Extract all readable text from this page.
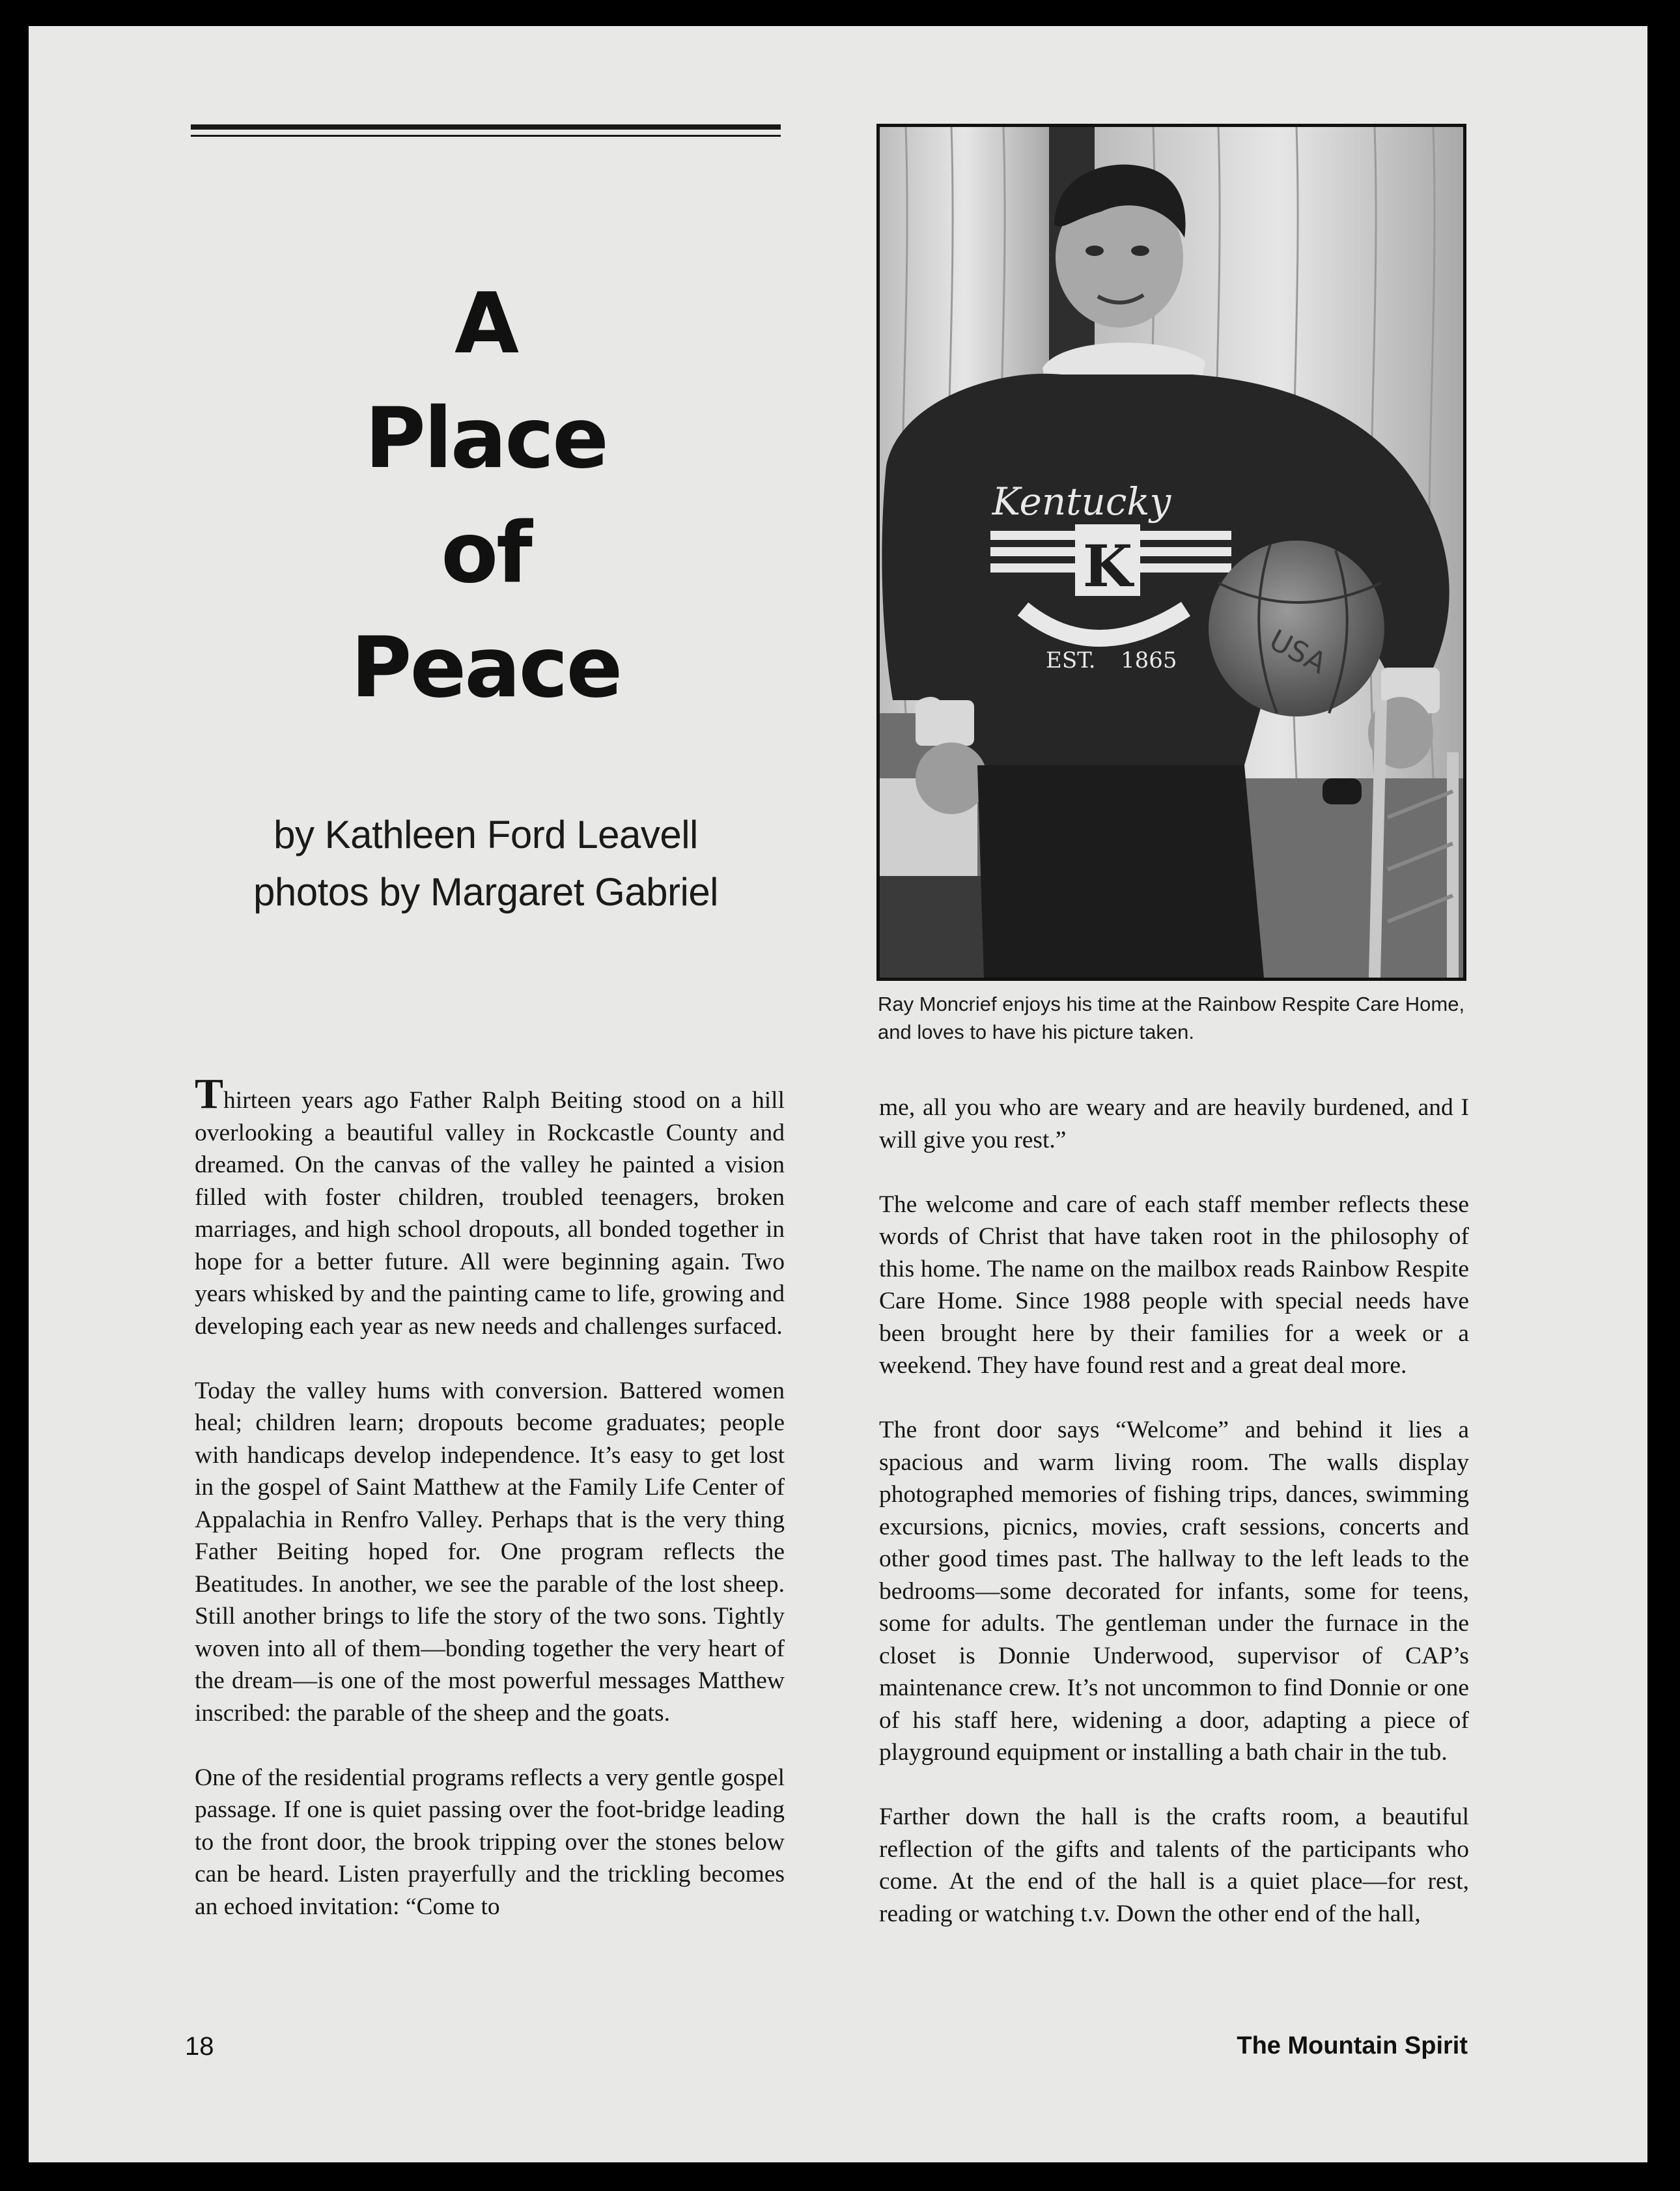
A
Place
of
Peace
by Kathleen Ford Leavell
photos by Margaret Gabriel
Kentucky
K
EST. 1865	USA
Ray Moncrief enjoys his time at the Rainbow Respite Care Home, and loves to have his picture taken.

Thirteen years ago Father Ralph Beiting stood on a hill overlooking a beautiful valley in Rockcastle County and dreamed. On the canvas of the valley he painted a vision filled with foster children, troubled teenagers, broken marriages, and high school dropouts, all bonded together in hope for a better future. All were beginning again. Two years whisked by and the painting came to life, growing and developing each year as new needs and challenges surfaced.

Today the valley hums with conversion. Battered women heal; children learn; dropouts become graduates; people with handicaps develop independence. It’s easy to get lost in the gospel of Saint Matthew at the Family Life Center of Appalachia in Renfro Valley. Perhaps that is the very thing Father Beiting hoped for. One program reflects the Beatitudes. In another, we see the parable of the lost sheep. Still another brings to life the story of the two sons. Tightly woven into all of them—bonding together the very heart of the dream—is one of the most powerful messages Matthew inscribed: the parable of the sheep and the goats.

One of the residential programs reflects a very gentle gospel passage. If one is quiet passing over the foot-bridge leading to the front door, the brook tripping over the stones below can be heard. Listen prayerfully and the trickling becomes an echoed invitation: “Come to

me, all you who are weary and are heavily burdened, and I will give you rest.”

The welcome and care of each staff member reflects these words of Christ that have taken root in the philosophy of this home. The name on the mailbox reads Rainbow Respite Care Home. Since 1988 people with special needs have been brought here by their families for a week or a weekend. They have found rest and a great deal more.

The front door says “Welcome” and behind it lies a spacious and warm living room. The walls display photographed memories of fishing trips, dances, swimming excursions, picnics, movies, craft sessions, concerts and other good times past. The hallway to the left leads to the bedrooms—some decorated for infants, some for teens, some for adults. The gentleman under the furnace in the closet is Donnie Underwood, supervisor of CAP’s maintenance crew. It’s not uncommon to find Donnie or one of his staff here, widening a door, adapting a piece of playground equipment or installing a bath chair in the tub.

Farther down the hall is the crafts room, a beautiful reflection of the gifts and talents of the participants who come. At the end of the hall is a quiet place—for rest, reading or watching t.v. Down the other end of the hall,

18	The Mountain Spirit
